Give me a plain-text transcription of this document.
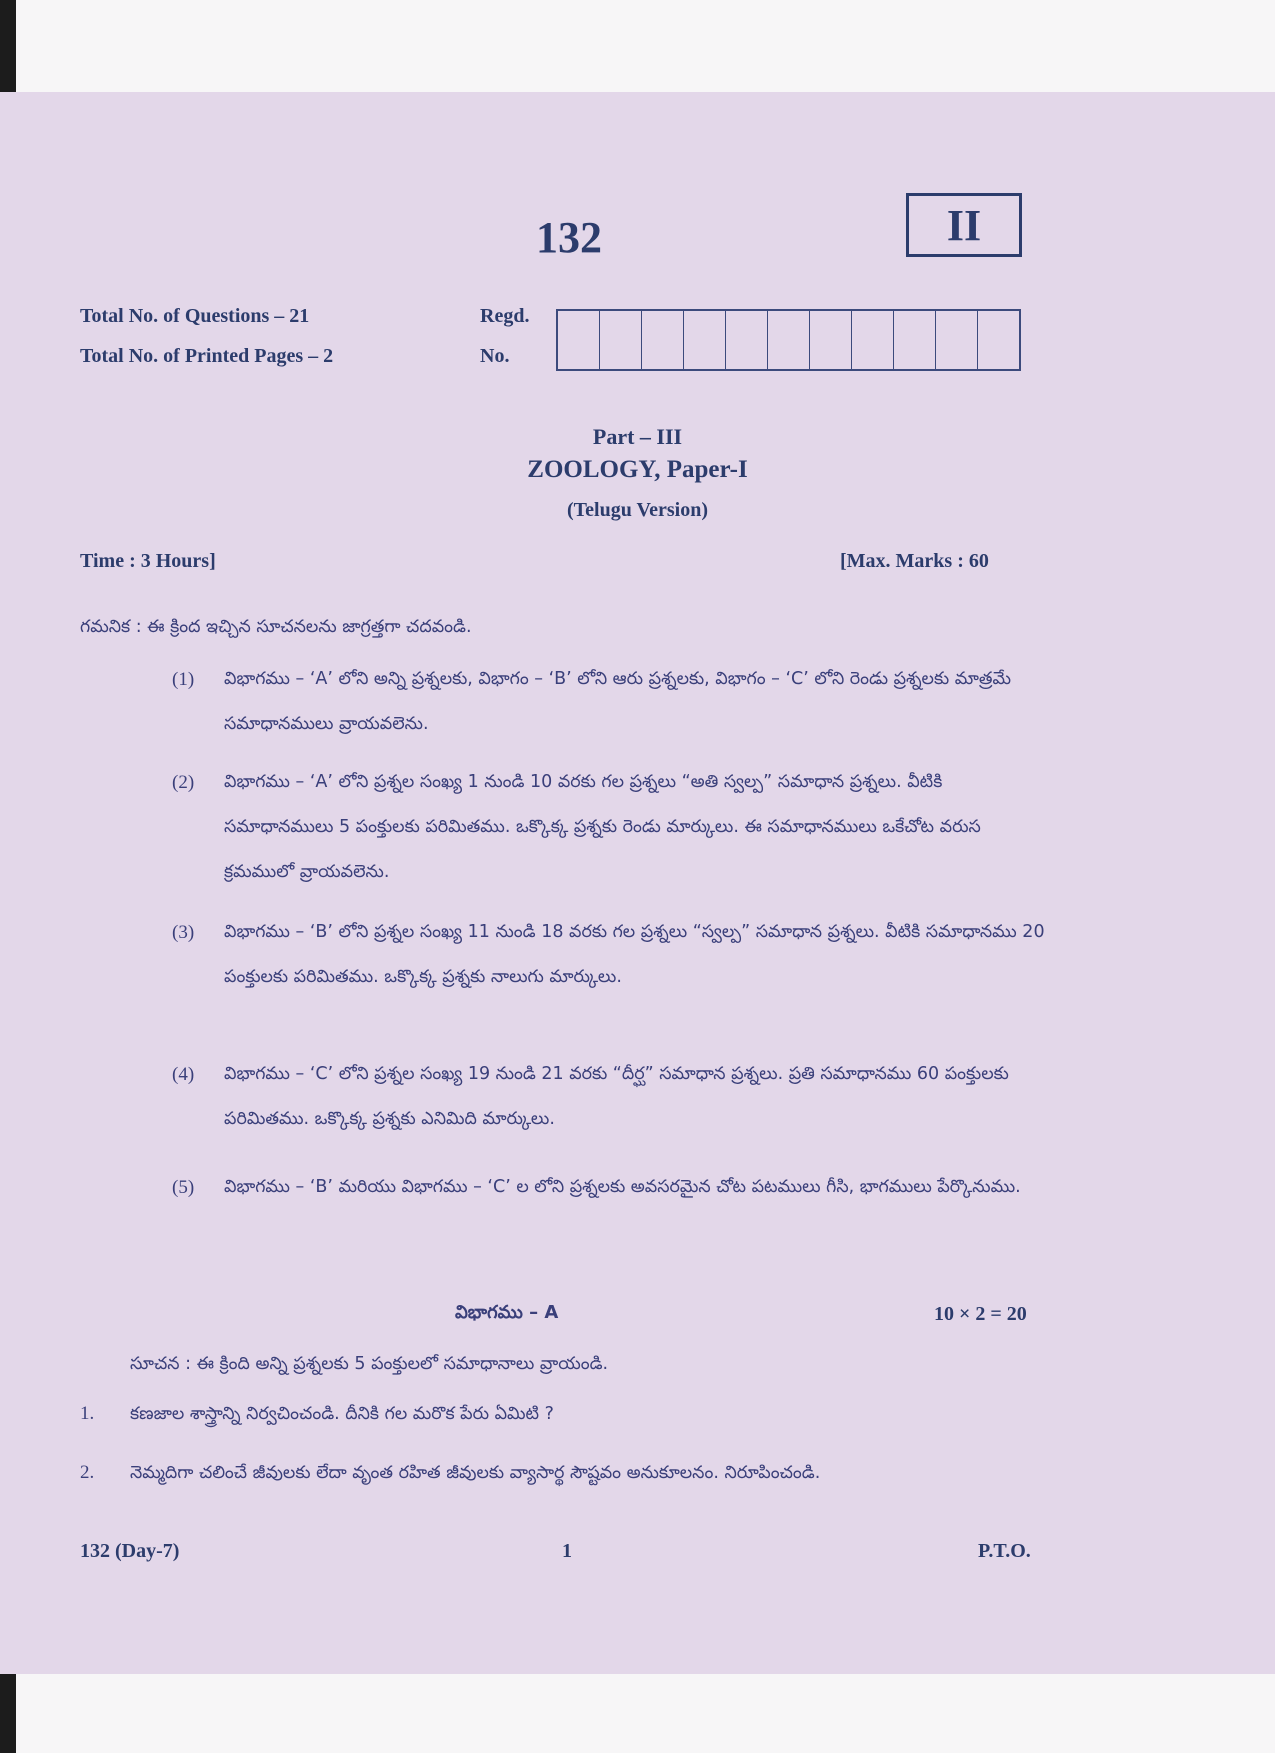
132	II
Total No. of Questions – 21
Total No. of Printed Pages – 2
Regd.
No.
Part – III
ZOOLOGY, Paper-I
(Telugu Version)
Time : 3 Hours]	[Max. Marks : 60
గమనిక : ఈ క్రింద ఇచ్చిన సూచనలను జాగ్రత్తగా చదవండి.
(1) విభాగము – ‘A’ లోని అన్ని ప్రశ్నలకు, విభాగం – ‘B’ లోని ఆరు ప్రశ్నలకు, విభాగం – ‘C’ లోని రెండు ప్రశ్నలకు మాత్రమే సమాధానములు వ్రాయవలెను.
(2) విభాగము – ‘A’ లోని ప్రశ్నల సంఖ్య 1 నుండి 10 వరకు గల ప్రశ్నలు “అతి స్వల్ప” సమాధాన ప్రశ్నలు. వీటికి సమాధానములు 5 పంక్తులకు పరిమితము. ఒక్కొక్క ప్రశ్నకు రెండు మార్కులు. ఈ సమాధానములు ఒకేచోట వరుస క్రమములో వ్రాయవలెను.
(3) విభాగము – ‘B’ లోని ప్రశ్నల సంఖ్య 11 నుండి 18 వరకు గల ప్రశ్నలు “స్వల్ప” సమాధాన ప్రశ్నలు. వీటికి సమాధానము 20 పంక్తులకు పరిమితము. ఒక్కొక్క ప్రశ్నకు నాలుగు మార్కులు.
(4) విభాగము – ‘C’ లోని ప్రశ్నల సంఖ్య 19 నుండి 21 వరకు “దీర్ఘ” సమాధాన ప్రశ్నలు. ప్రతి సమాధానము 60 పంక్తులకు పరిమితము. ఒక్కొక్క ప్రశ్నకు ఎనిమిది మార్కులు.
(5) విభాగము – ‘B’ మరియు విభాగము – ‘C’ ల లోని ప్రశ్నలకు అవసరమైన చోట పటములు గీసి, భాగములు పేర్కొనుము.
విభాగము – A	10 × 2 = 20
సూచన : ఈ క్రింది అన్ని ప్రశ్నలకు 5 పంక్తులలో సమాధానాలు వ్రాయండి.
1. కణజాల శాస్త్రాన్ని నిర్వచించండి. దీనికి గల మరొక పేరు ఏమిటి ?
2. నెమ్మదిగా చలించే జీవులకు లేదా వృంత రహిత జీవులకు వ్యాసార్థ సౌష్టవం అనుకూలనం. నిరూపించండి.
132 (Day-7)	1	P.T.O.
